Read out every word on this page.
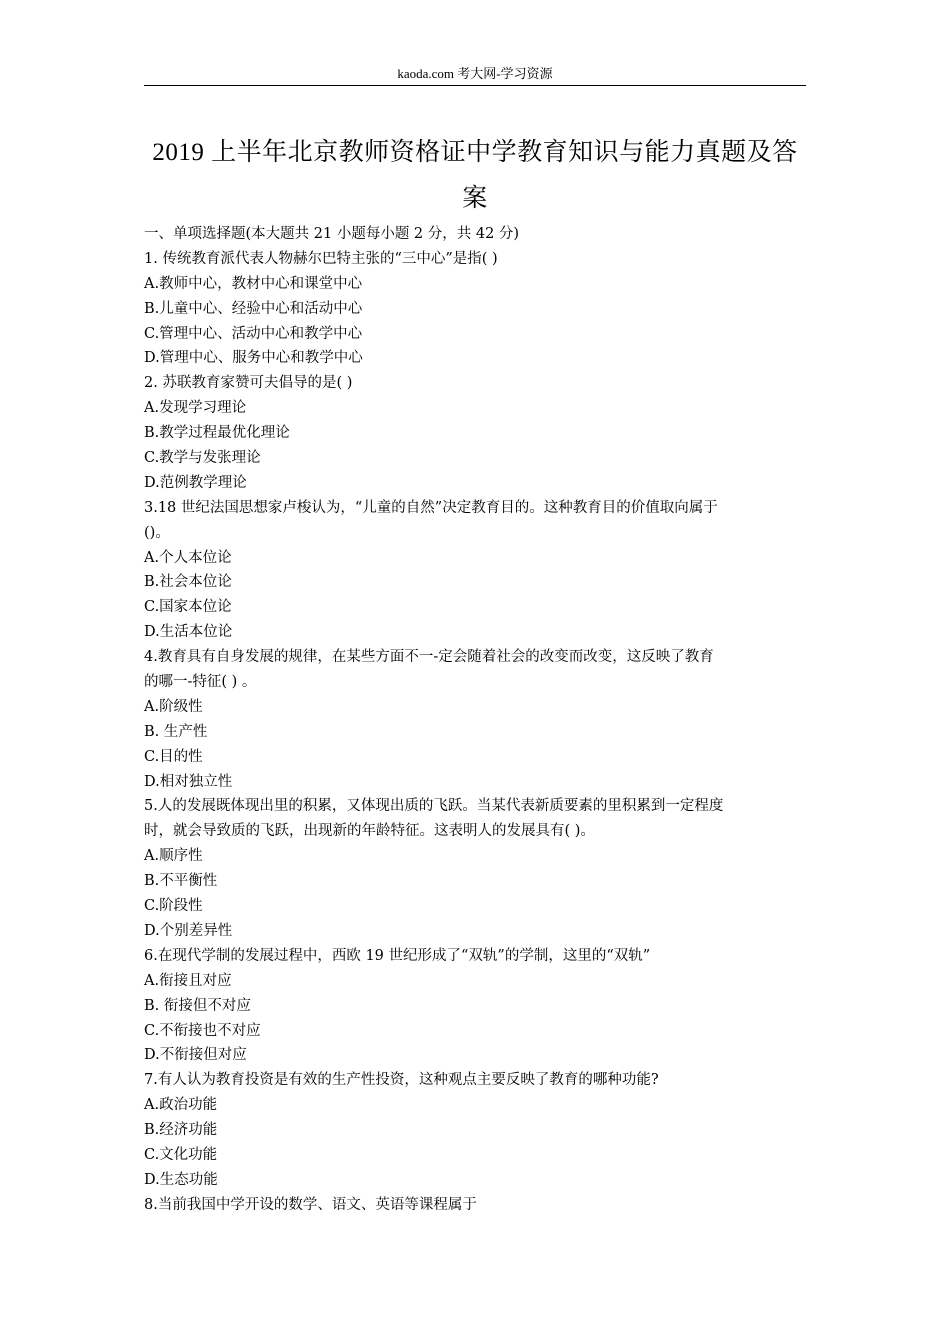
kaoda.com 考大网-学习资源
2019 上半年北京教师资格证中学教育知识与能力真题及答
案
一、单项选择题(本大题共 21 小题每小题 2 分，共 42 分)
1. 传统教育派代表人物赫尔巴特主张的“三中心”是指( )
A.教师中心，教材中心和课堂中心
B.儿童中心、经验中心和活动中心
C.管理中心、活动中心和教学中心
D.管理中心、服务中心和教学中心
2. 苏联教育家赞可夫倡导的是( )
A.发现学习理论
B.教学过程最优化理论
C.教学与发张理论
D.范例教学理论
3.18 世纪法国思想家卢梭认为，“儿童的自然”决定教育目的。这种教育目的价值取向属于
()。
A.个人本位论
B.社会本位论
C.国家本位论
D.生活本位论
4.教育具有自身发展的规律，在某些方面不一-定会随着社会的改变而改变，这反映了教育
的哪一-特征( ) 。
A.阶级性
B. 生产性
C.目的性
D.相对独立性
5.人的发展既体现出里的积累，又体现出质的飞跃。当某代表新质要素的里积累到一定程度
时，就会导致质的飞跃，出现新的年龄特征。这表明人的发展具有( )。
A.顺序性
B.不平衡性
C.阶段性
D.个别差异性
6.在现代学制的发展过程中，西欧 19 世纪形成了“双轨”的学制，这里的“双轨”
A.衔接且对应
B. 衔接但不对应
C.不衔接也不对应
D.不衔接但对应
7.有人认为教育投资是有效的生产性投资，这种观点主要反映了教育的哪种功能?
A.政治功能
B.经济功能
C.文化功能
D.生态功能
8.当前我国中学开设的数学、语文、英语等课程属于
